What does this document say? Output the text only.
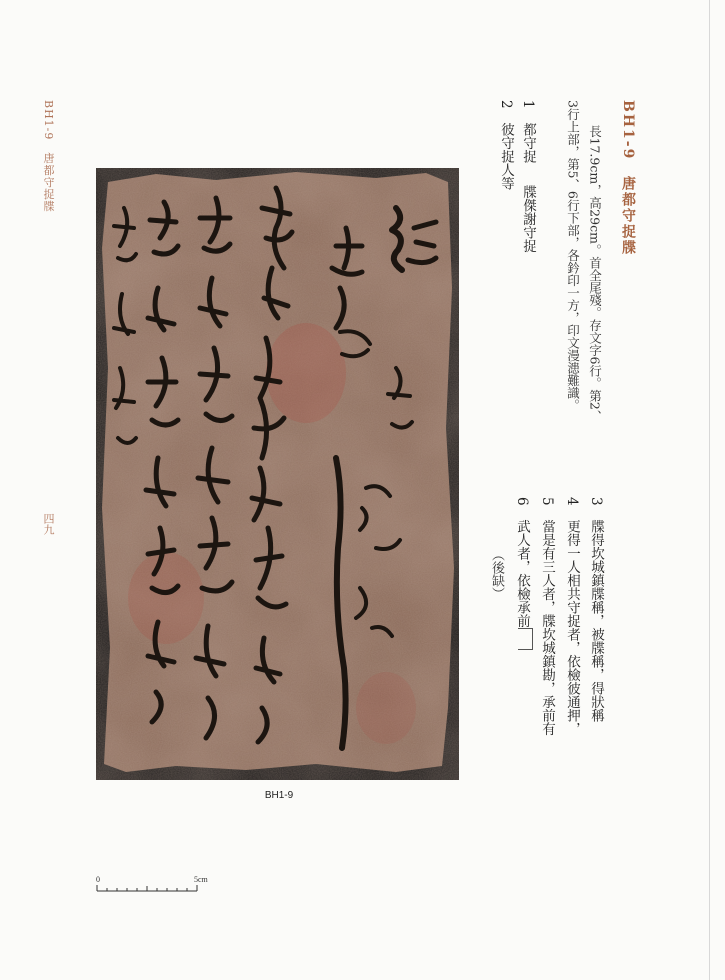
BH1-9　唐都守捉牒
四九
BH1-9　唐都守捉牒
長17.9cm，高29cm。首全尾殘。存文字6行。第2、
3行上部，第5、6行下部，各鈐印一方，印文漫漶難識。
1都守捉牒傑謝守捉
2彼守捉人等
3牒得坎城鎮牒稱，被牒稱，得狀稱
4更得一人相共守捉者，依檢彼通押，
5當是有三人者，牒坎城鎮勘，承前有
6武人者，依檢承前
（後缺）
BH1-9
0	5cm
